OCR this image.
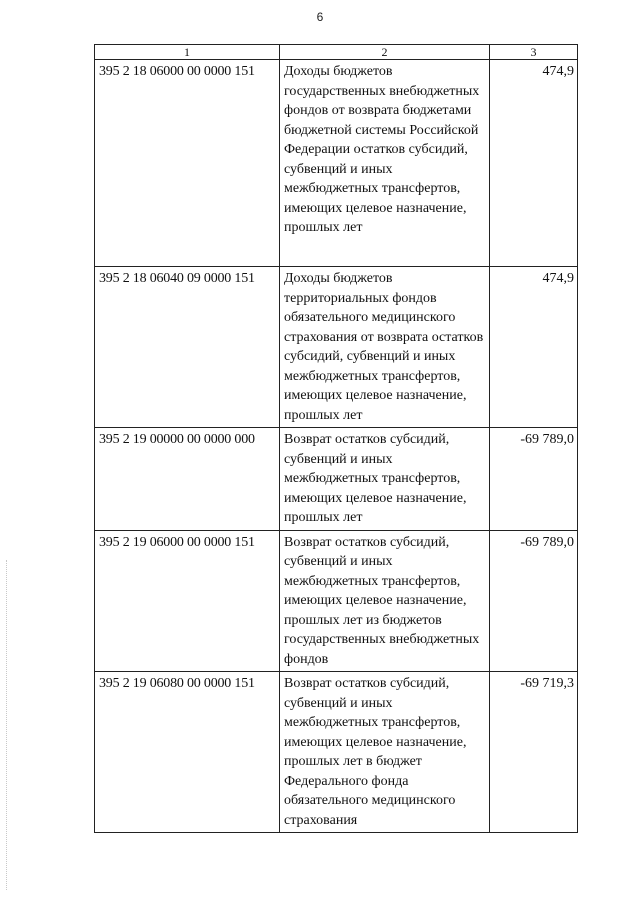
6
1	2	3
395 2 18 06000 00 0000 151	Доходы бюджетов государственных внебюджетных фондов от возврата бюджетами бюджетной системы Российской Федерации остатков субсидий, субвенций и иных межбюджетных трансфертов, имеющих целевое назначение, прошлых лет	474,9
395 2 18 06040 09 0000 151	Доходы бюджетов территориальных фондов обязательного медицинского страхования от возврата остатков субсидий, субвенций и иных межбюджетных трансфертов, имеющих целевое назначение, прошлых лет	474,9
395 2 19 00000 00 0000 000	Возврат остатков субсидий, субвенций и иных межбюджетных трансфертов, имеющих целевое назначение, прошлых лет	-69 789,0
395 2 19 06000 00 0000 151	Возврат остатков субсидий, субвенций и иных межбюджетных трансфертов, имеющих целевое назначение, прошлых лет из бюджетов государственных внебюджетных фондов	-69 789,0
395 2 19 06080 00 0000 151	Возврат остатков субсидий, субвенций и иных межбюджетных трансфертов, имеющих целевое назначение, прошлых лет в бюджет Федерального фонда обязательного медицинского страхования	-69 719,3
